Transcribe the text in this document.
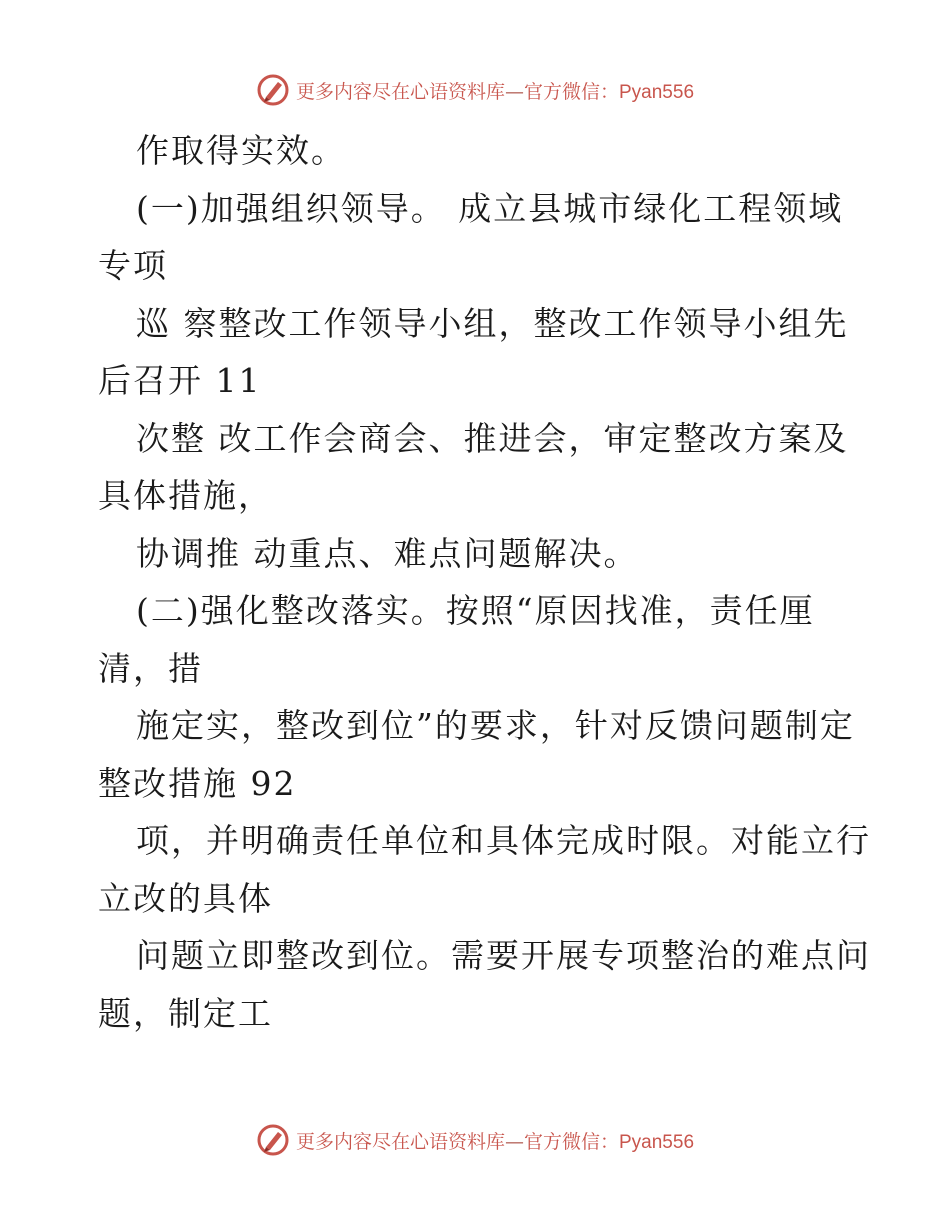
更多内容尽在心语资料库—官方微信：Pyan556
作取得实效。
(一)加强组织领导。 成立县城市绿化工程领域
专项
巡 察整改工作领导小组，整改工作领导小组先
后召开 11
次整 改工作会商会、推进会，审定整改方案及
具体措施，
协调推 动重点、难点问题解决。
(二)强化整改落实。按照“原因找准，责任厘
清，措
施定实，整改到位”的要求，针对反馈问题制定
整改措施 92
项，并明确责任单位和具体完成时限。对能立行
立改的具体
问题立即整改到位。需要开展专项整治的难点问
题，制定工
更多内容尽在心语资料库—官方微信：Pyan556
